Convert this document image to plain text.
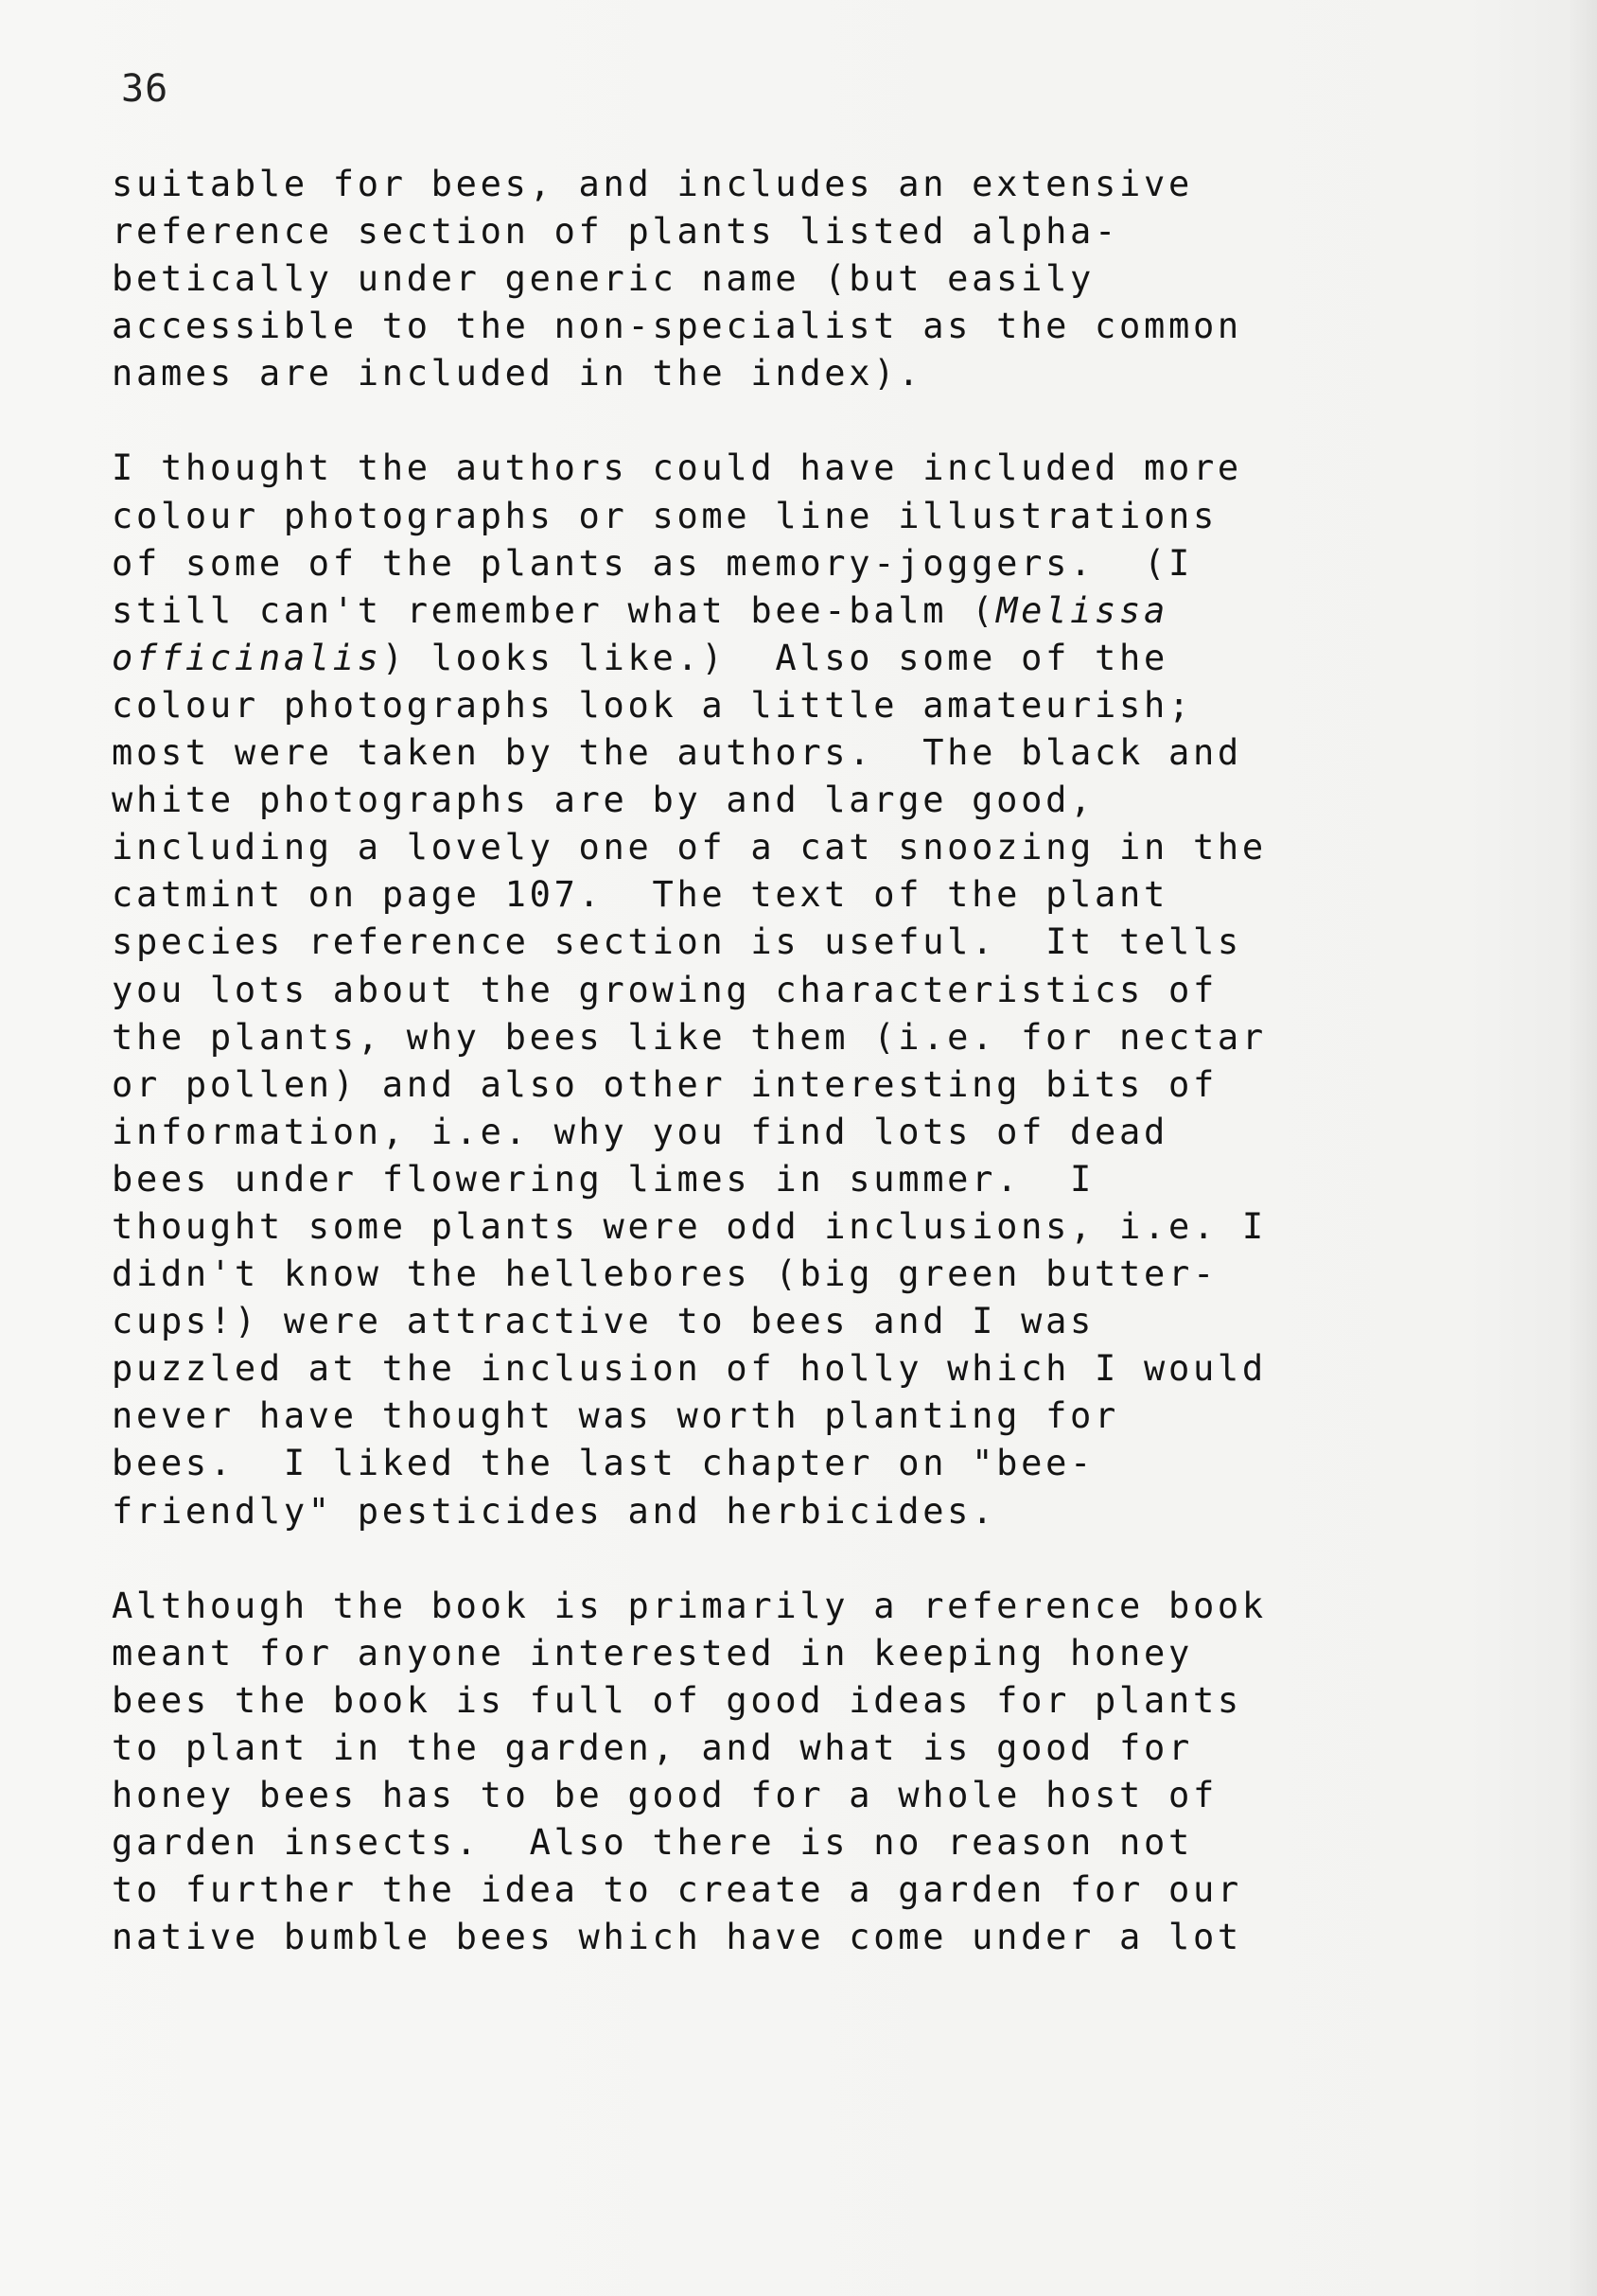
36
suitable for bees, and includes an extensive
reference section of plants listed alpha-
betically under generic name (but easily
accessible to the non-specialist as the common
names are included in the index).
I thought the authors could have included more
colour photographs or some line illustrations
of some of the plants as memory-joggers.  (I
still can't remember what bee-balm (Melissa
officinalis) looks like.)  Also some of the
colour photographs look a little amateurish;
most were taken by the authors.  The black and
white photographs are by and large good,
including a lovely one of a cat snoozing in the
catmint on page 107.  The text of the plant
species reference section is useful.  It tells
you lots about the growing characteristics of
the plants, why bees like them (i.e. for nectar
or pollen) and also other interesting bits of
information, i.e. why you find lots of dead
bees under flowering limes in summer.  I
thought some plants were odd inclusions, i.e. I
didn't know the hellebores (big green butter-
cups!) were attractive to bees and I was
puzzled at the inclusion of holly which I would
never have thought was worth planting for
bees.  I liked the last chapter on "bee-
friendly" pesticides and herbicides.
Although the book is primarily a reference book
meant for anyone interested in keeping honey
bees the book is full of good ideas for plants
to plant in the garden, and what is good for
honey bees has to be good for a whole host of
garden insects.  Also there is no reason not
to further the idea to create a garden for our
native bumble bees which have come under a lot
